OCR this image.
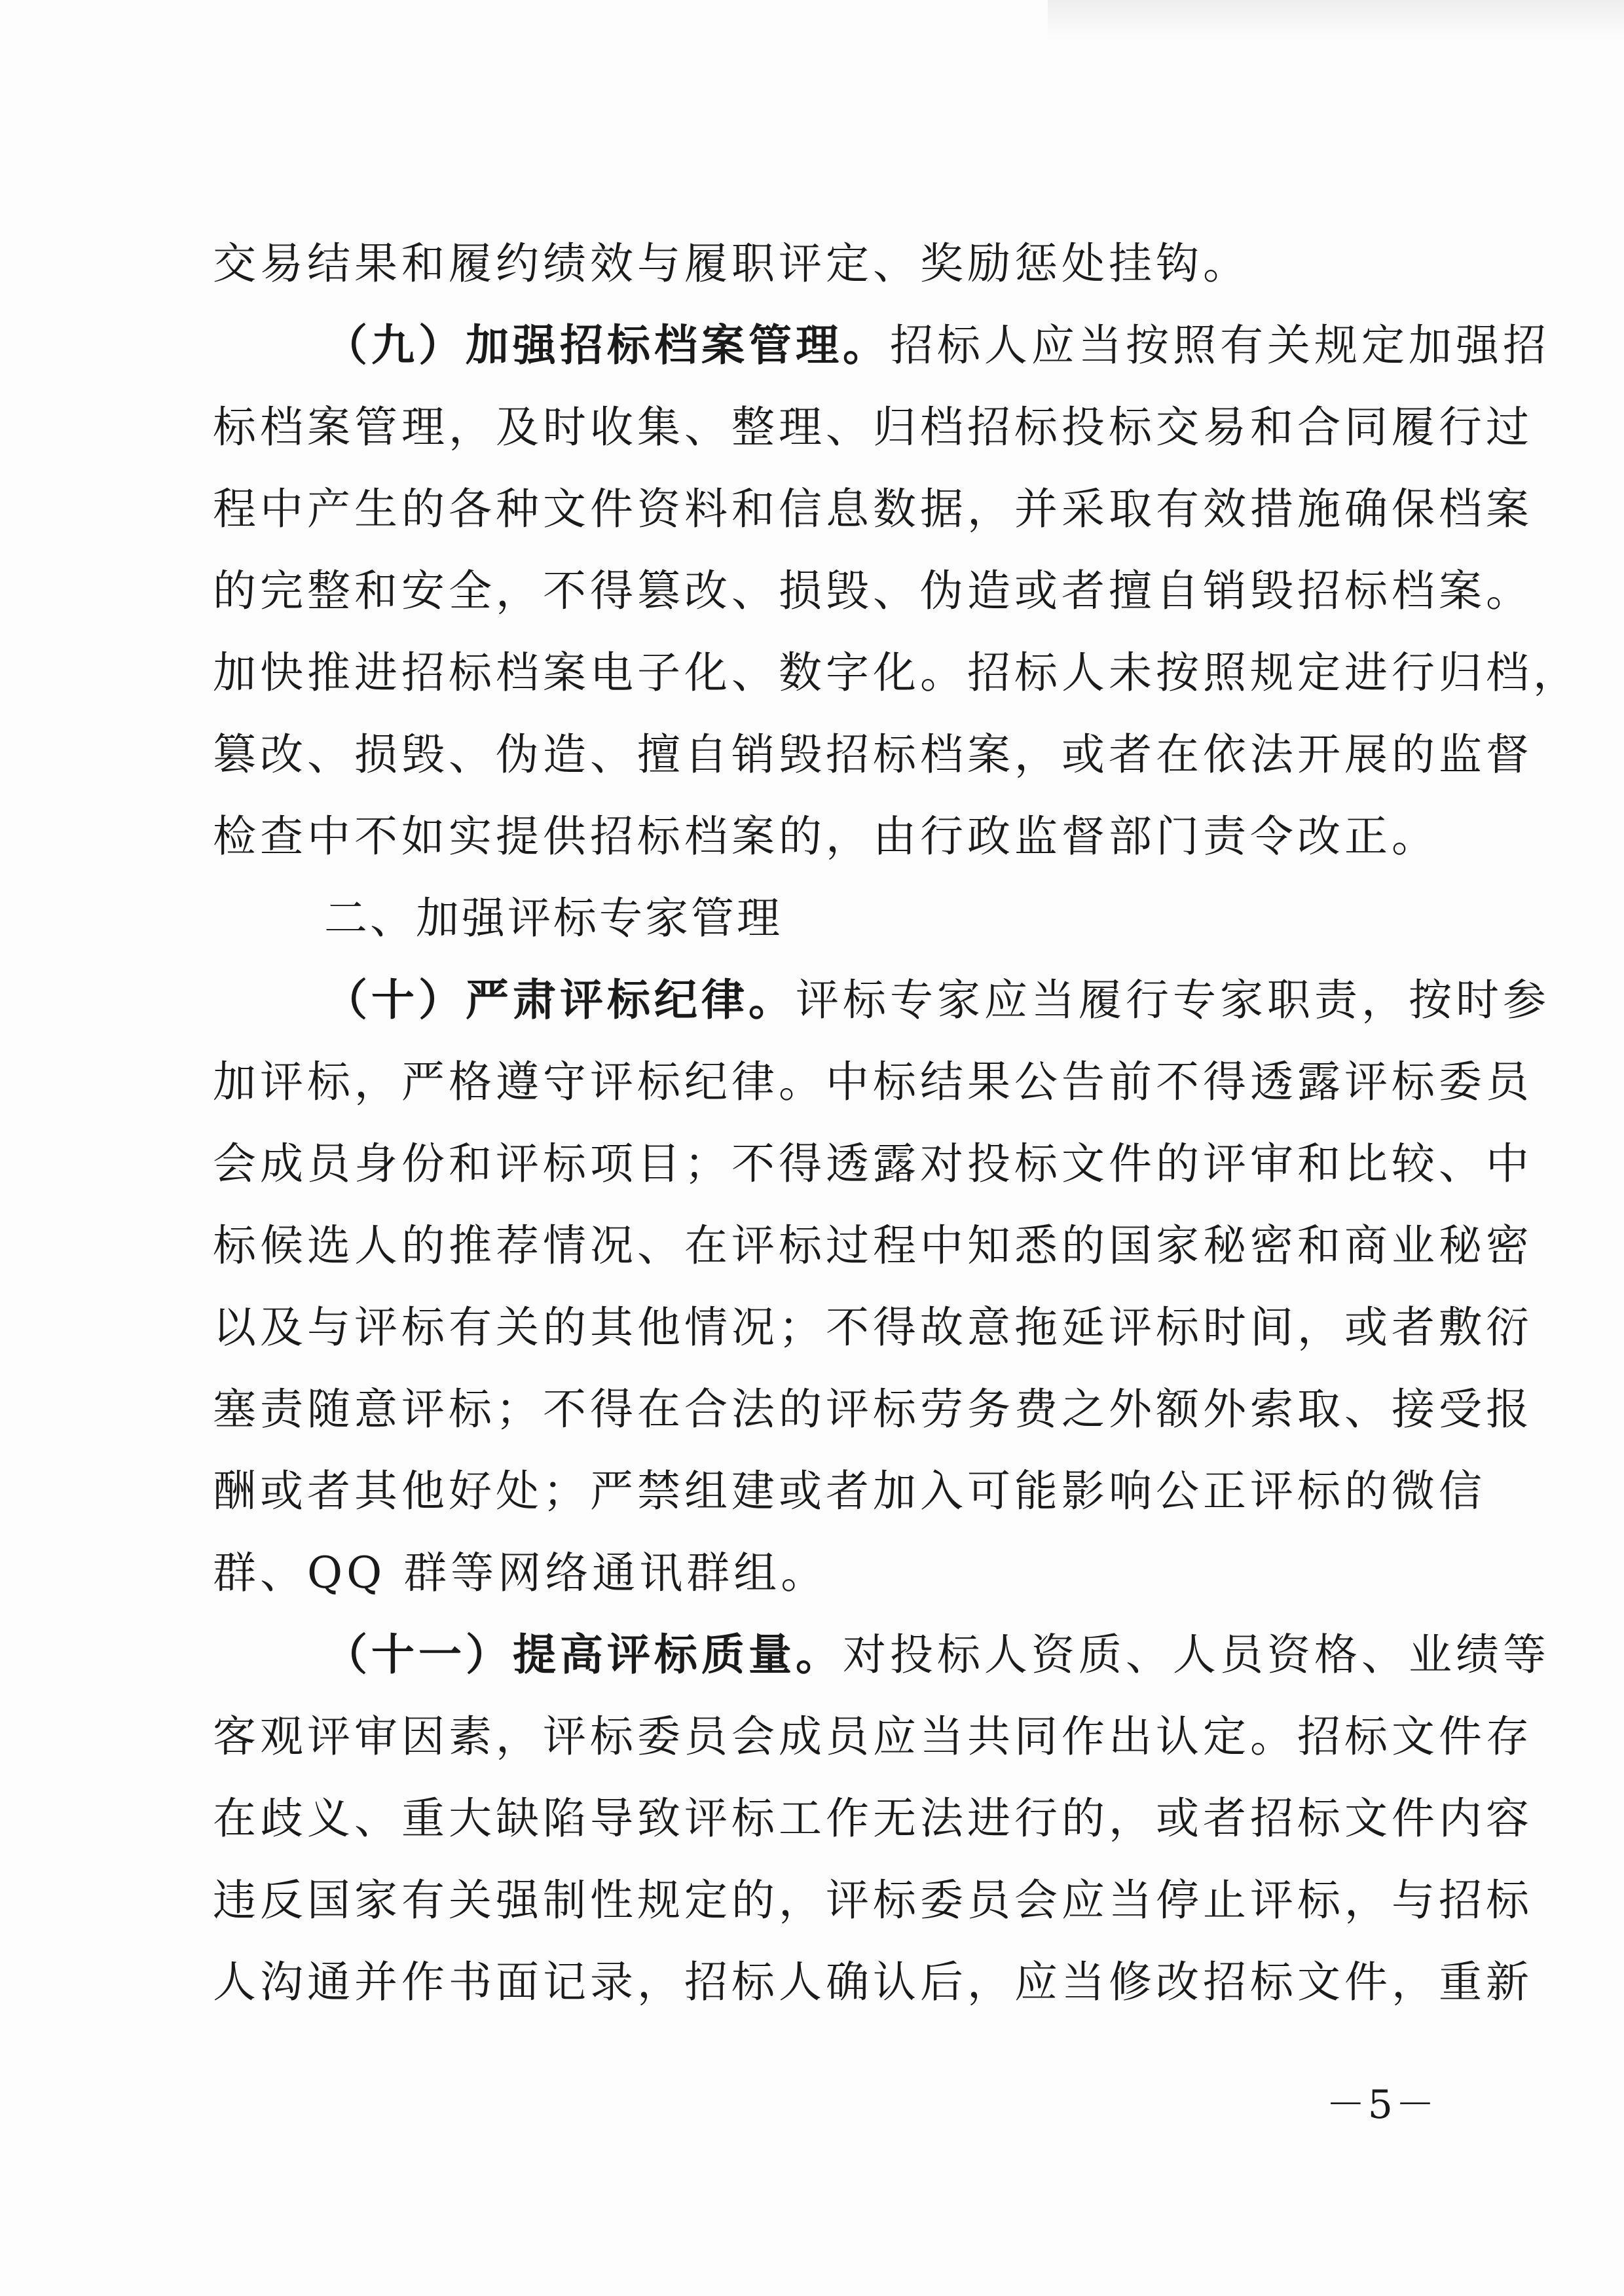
交易结果和履约绩效与履职评定、奖励惩处挂钩。
（九）加强招标档案管理。招标人应当按照有关规定加强招
标档案管理，及时收集、整理、归档招标投标交易和合同履行过
程中产生的各种文件资料和信息数据，并采取有效措施确保档案
的完整和安全，不得篡改、损毁、伪造或者擅自销毁招标档案。
加快推进招标档案电子化、数字化。招标人未按照规定进行归档，
篡改、损毁、伪造、擅自销毁招标档案，或者在依法开展的监督
检查中不如实提供招标档案的，由行政监督部门责令改正。
二、加强评标专家管理
（十）严肃评标纪律。评标专家应当履行专家职责，按时参
加评标，严格遵守评标纪律。中标结果公告前不得透露评标委员
会成员身份和评标项目；不得透露对投标文件的评审和比较、中
标候选人的推荐情况、在评标过程中知悉的国家秘密和商业秘密
以及与评标有关的其他情况；不得故意拖延评标时间，或者敷衍
塞责随意评标；不得在合法的评标劳务费之外额外索取、接受报
酬或者其他好处；严禁组建或者加入可能影响公正评标的微信
群、QQ 群等网络通讯群组。
（十一）提高评标质量。对投标人资质、人员资格、业绩等
客观评审因素，评标委员会成员应当共同作出认定。招标文件存
在歧义、重大缺陷导致评标工作无法进行的，或者招标文件内容
违反国家有关强制性规定的，评标委员会应当停止评标，与招标
人沟通并作书面记录，招标人确认后，应当修改招标文件，重新
－5－
